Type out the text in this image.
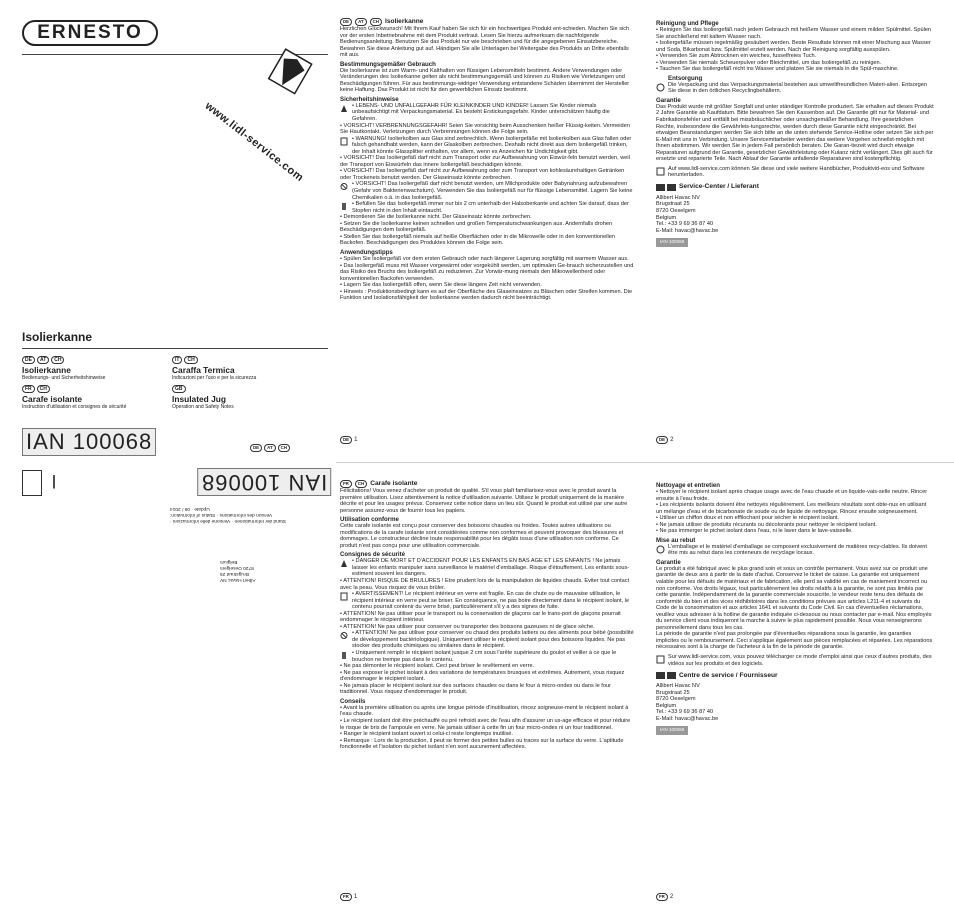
ERNESTO
www.lidl-service.com
Isolierkanne
DE	AT	CH
Isolierkanne
Bedienungs- und Sicherheitshinweise
IT	CH
Caraffa Termica
Indicazioni per l'uso e per la sicurezza
FR	CH
Carafe isolante
Instruction d'utilisation et consignes de sécurité
GB
Insulated Jug
Operation and Safety Notes
IAN 100068	DE	AT	CH
IAN 100068
l
Stand der Informationen · Versione delle informazioni ·
Version des informations · Status of information:
Update · 06 / 2014
Albert Havac NV
Brugstraat 25
8720 Oeselgem
Belgium
DE	AT	CH Isolierkanne

Herzlichen Glückwunsch! Mit Ihrem Kauf haben Sie sich für ein hochwertiges Produkt ent-schieden. Machen Sie sich vor der ersten Inbetriebnahme mit dem Produkt vertraut. Lesen Sie hierzu aufmerksam die nachfolgende Bedienungsanleitung. Benutzen Sie das Produkt nur wie beschrieben und für die angegebenen Einsatzbereiche. Bewahren Sie diese Anleitung gut auf. Händigen Sie alle Unterlagen bei Weitergabe des Produkts an Dritte ebenfalls mit aus.

Bestimmungsgemäßer Gebrauch

Die Isolierkanne ist zum Warm- und Kalthalten von flüssigen Lebensmitteln bestimmt. Andere Verwendungen oder Veränderungen des Isolierkanne gelten als nicht bestimmungsgemäß und können zu Risiken wie Verletzungen und Beschädigungen führen. Für aus bestimmungs-widriger Verwendung entstandene Schäden übernimmt der Hersteller keine Haftung. Das Produkt ist nicht für den gewerblichen Einsatz bestimmt.

Sicherheitshinweise

• LEBENS- UND UNFALLGEFAHR FÜR KLEINKINDER UND KINDER! Lassen Sie Kinder niemals unbeaufsichtigt mit Verpackungsmaterial. Es besteht Erstickungsgefahr. Kinder unterschätzen häufig die Gefahren.

• VORSICHT! VERBRENNUNGSGEFAHR! Seien Sie vorsichtig beim Ausschenken heißer Flüssig-keiten. Vermeiden Sie Hautkontakt. Verletzungen durch Verbrennungen können die Folge sein.

• WARNUNG! Isolierkolben aus Glas sind zerbrechlich. Wenn Isoliergefäße mit Isolierkolben aus Glas fallen oder falsch gehandhabt werden, kann der Glaskolben zerbrechen. Deshalb nicht direkt aus dem Isoliergefäß trinken, der Inhalt könnte Glassplitter enthalten, vor allem, wenn es Anzeichen für Undichtigkeit gibt.

• VORSICHT! Das Isoliergefäß darf nicht zum Transport oder zur Aufbewahrung von Eiswür-feln benutzt werden, weil der Transport von Eiswürfeln das innere Isoliergefäß beschädigen könnte.

• VORSICHT! Das Isoliergefäß darf nicht zur Aufbewahrung oder zum Transport von kohlesäurehaltigen Getränken oder Trockeneis benutzt werden. Der Glaseinsatz könnte zerbrechen.

• VORSICHT! Das Isoliergefäß darf nicht benutzt werden, um Milchprodukte oder Babynahrung aufzubewahren (Gefahr von Bakterienwachstum). Verwenden Sie das Isoliergefäß nur für flüssige Lebensmittel. Lagern Sie keine Chemikalien o.ä. in das Isoliergefäß.

• Befüllen Sie das Isoliergefäß immer nur bis 2 cm unterhalb der Halsoberkante und achten Sie darauf, dass der Stopfen nicht in den Inhalt eintaucht.

• Demontieren Sie die Isolierkanne nicht. Der Glaseinsatz könnte zerbrechen.

• Setzen Sie die Isolierkanne keinen schnellen und großen Temperaturschwankungen aus. Andernfalls drohen Beschädigungen dem Isoliergefäß.

• Stellen Sie das Isoliergefäß niemals auf heiße Oberflächen oder in die Mikrowelle oder in den konventionellen Backofen. Beschädigungen des Produktes können die Folge sein.

Anwendungstipps

• Spülen Sie Isoliergefäß vor dem ersten Gebrauch oder nach längerer Lagerung sorgfältig mit warmem Wasser aus.

• Das Isoliergefäß muss mit Wasser vorgewärmt oder vorgekühlt werden, um optimalen Ge-brauch sicherzustellen und das Risiko des Bruchs des Isoliergefäß zu reduzieren. Zur Vorwär-mung niemals den Mikrowellenherd oder konventionellen Backofen verwenden.

• Lagern Sie das Isoliergefäß offen, wenn Sie diese längere Zeit nicht verwenden.

• Hinweis : Produktionsbedingt kann es auf der Oberfläche des Glaseinsatzes zu Bläschen oder Streifen kommen. Die Funktion und Isolationsfähigkeit der Isolierkanne werden dadurch nicht beeinträchtigt.

DE 1
Reinigung und Pflege

• Reinigen Sie das Isoliergefäß nach jedem Gebrauch mit heißem Wasser und einem milden Spülmittel. Spülen Sie anschließend mit kaltem Wasser nach.

• Isoliergefäße müssen regelmäßig gesäubert werden. Beste Resultate können mit einer Mischung aus Wasser und Soda, Bikarbonat bzw. Spülmittel erzielt werden. Nach der Reinigung sorgfältig ausspülen.

• Verwenden Sie zum Abtrocknen ein weiches, fusselfreies Tuch.

• Verwenden Sie niemals Scheuerpulver oder Bleichmittel, um das Isoliergefäß zu reinigen.

• Tauchen Sie das Isoliergefäß nicht ins Wasser und platzen Sie sie niemals in die Spül-maschine.

Entsorgung

Die Verpackung und das Verpackungsmaterial bestehen aus umweltfreundlichen Materi-alien. Entsorgen Sie diese in den örtlichen Recyclingbehältern.

Garantie

Das Produkt wurde mit größter Sorgfalt und unter ständiger Kontrolle produziert. Sie erhalten auf dieses Produkt 2 Jahre Garantie ab Kaufdatum. Bitte bewahren Sie den Kassenbon auf. Die Garantie gilt nur für Material- und Fabrikationsfehler und entfällt bei missbräuchlicher oder unsachgemäßer Behandlung. Ihre gesetzlichen Rechte, insbesondere die Gewährleis-tungsrechte, werden durch diese Garantie nicht eingeschränkt. Bei etwaigen Beanstandungen werden Sie sich bitte an die unten stehende Service-Hotline oder setzen Sie sich per E-Mail mit uns in Verbindung. Unsere Servicemitarbeiter werden das weitere Vorgehen schnellst-möglich mit Ihnen abstimmen. Wir werden Sie in jedem Fall persönlich beraten. Die Garan-tiezeit wird durch etwaige Reparaturen aufgrund der Garantie, gesetzlicher Gewährleistung oder Kulanz nicht verlängert. Dies gilt auch für ersetzte und reparierte Teile. Nach Ablauf der Garantie anfallende Reparaturen sind kostenpflichtig.

Auf www.lidl-service.com können Sie diese und viele weitere Handbücher, Produktvid-eos und Software herunterladen.

Service-Center / Lieferant

Allibert Havac NV

Brugstraat 25

8720 Oeselgem

Belgium

Tel.: +33 9 69 36 87 40

E-Mail: havac@havac.be

IAN 100068
DE 2
FR	CH Carafe isolante

Félicitations! Vous venez d'acheter un produit de qualité. S'il vous plaît familiarisez-vous avec le produit avant la première utilisation. Lisez attentivement la notice d'utilisation suivante. Utilisez le produit uniquement de la manière décrite et pour les usages prévus. Conservez cette notice dans un lieu sûr. Quand le produit est utilisé par une autre personne assurez-vous de fournir tous les papiers.

Utilisation conforme

Cette carafe isolante est conçu pour conserver des boissons chaudes ou froides. Toutes autres utilisations ou modifications de la carafe isolante sont considérées comme non conformes et peuvent provoquer des blessures et dommages. Le constructeur décline toute responsabilité pour les dégâts issus d'une utilisation non conforme. Ce produit n'est pas conçu pour une utilisation commerciale.

Consignes de sécurité

• DANGER DE MORT ET D'ACCIDENT POUR LES ENFANTS EN BAS AGE ET LES ENFANTS ! Ne jamais laisser les enfants manipuler sans surveillance le matériel d'emballage. Risque d'étouffement. Les enfants sous-estiment souvent les dangers.

• ATTENTION! RISQUE DE BRULURES ! Etre prudent lors de la manipulation de liquides chauds. Eviter tout contact avec la peau. Vous risquez de vous brûler.

•
AVERTISSEMENT! Le récipient intérieur en verre est fragile. En cas de chute ou de mauvaise utilisation, le récipient intérieur en verre peut se briser. En conséquence, ne pas boire directement dans le récipient isolant, le contenu pourrait contenir du verre brisé, particulièrement s'il y a des signes de fuite.

• ATTENTION! Ne pas utiliser pour le transport ou la conservation de glaçons car le trans-port de glaçons pourrait endommager le récipient intérieur.

• ATTENTION! Ne pas utiliser pour conserver ou transporter des boissons gazeuses ni de glace sèche.

•
ATTENTION! Ne pas utiliser pour conserver ou chaud des produits laitiers ou des aliments pour bébé (possibilité de développement bactériologique). Uniquement utiliser le récipient isolant pour des boissons liquides. Ne pas stocker des produits chimiques ou similaires dans le récipient.

• Uniquement remplir le récipient isolant jusque 2 cm sous l'arête supérieure du goulot et veiller à ce que le bouchon ne trempe pas dans le contenu.

• Ne pas démonter le récipient isolant. Ceci peut briser le revêtement en verre.

• Ne pas exposer le pichet isolant à des variations de températures brusques et extrêmes. Autrement, vous risquez d'endommager le récipient isolant.

• Ne jamais placer le récipient isolant sur des surfaces chaudes ou dans le four à micro-ondes ou dans le four traditionnel. Vous risquez d'endommager le produit.

Conseils

• Avant la première utilisation ou après une longue période d'inutilisation, rincez soigneuse-ment le récipient isolant à l'eau chaude.

• Le récipient isolant doit être préchauffé ou pré refroidi avec de l'eau afin d'assurer un us-age efficace et pour réduire le risque de bris de l'ampoule en verre. Ne jamais utiliser à cette fin un four micro-ondes ni un four traditionnel.

• Ranger le récipient isolant ouvert si celui-ci reste longtemps inutilisé.

• Remarque : Lors de la production, il peut se former des petites bulles ou traces sur la surface du verre. L'aptitude fonctionnelle et l'isolation du pichet isolant n'en sont aucunement affectées.

FR 1
Nettoyage et entretien

• Nettoyer le récipient isolant après chaque usage avec de l'eau chaude et un liquide-vais-selle neutre. Rincer ensuite à l'eau froide.

• Les récipients isolants doivent être nettoyés régulièrement. Les meilleurs résultats sont obte-nus en utilisant un mélange d'eau et de bicarbonate de soude ou de liquide de nettoyage. Rincez ensuite soigneusement.

• Utiliser un chiffon doux et non effilochant pour sécher le récipient isolant.

• Ne jamais utiliser de produits récurants ou décolorants pour nettoyer le récipient isolant.

• Ne pas immerger le pichet isolant dans l'eau, ni le laver dans le lave-vaisselle.

Mise au rebut

L'emballage et le matériel d'emballage se composent exclusivement de matières recy-clables. Ils doivent être mis au rebut dans les conteneurs de recyclage locaux.

Garantie

Le produit a été fabriqué avec le plus grand soin et sous un contrôle permanent. Vous avez sur ce produit une garantie de deux ans à partir de la date d'achat. Conservez le ticket de caisse. La garantie est uniquement valable pour les défauts de matériaux et de fabrication, elle perd sa validité en cas de maniement incorrect ou non conforme. Vos droits légaux, tout particulièrement les droits relatifs à la garantie, ne sont pas limités par cette garantie. Indépendamment de la garantie commerciale souscrite, le vendeur reste tenu des défauts de conformité du bien et des vices rédhibitoires dans les conditions prévues aux articles L211-4 et suivants du Code de la consommation et aux articles 1641 et suivants du Code Civil. En cas d'éventuelles réclamations, veuillez vous adresser à la hotline de garantie indiquée ci-dessous ou nous contacter par e-mail. Nos employés du service client vous indiqueront la marche à suivre le plus rapidement possible. Nous vous renseignerons personnellement dans tous les cas.

La période de garantie n'est pas prolongée par d'éventuelles réparations sous la garantie, les garanties implicites ou le remboursement. Ceci s'applique également aux pièces remplacées et réparées. Les réparations nécessaires sont à la charge de l'acheteur à la fin de la période de garantie.

Sur www.lidl-service.com, vous pouvez télécharger ce mode d'emploi ainsi que ceux d'autres produits, des vidéos sur les produits et des logiciels.

Centre de service / Fournisseur

Allibert Havac NV

Brugstraat 25

8720 Oeselgem

Belgium

Tel.: +33 9 69 36 87 40

E-Mail: havac@havac.be

IAN 100068
FR 2
